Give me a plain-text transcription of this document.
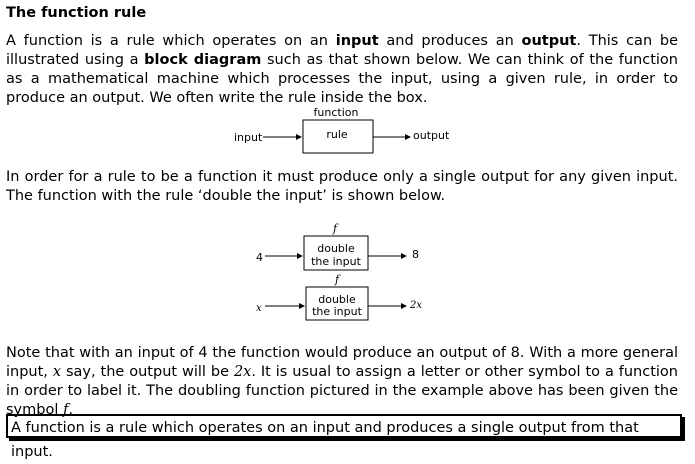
The function rule

A function is a rule which operates on an input and produces an output. This can be illustrated using a block diagram such as that shown below. We can think of the function as a mathematical machine which processes the input, using a given rule, in order to produce an output. We often write the rule inside the box.

function
rule
input	output

In order for a rule to be a function it must produce only a single output for any given input. The function with the rule ‘double the input’ is shown below.

f
double
the input
4	8
f
double
the input
x	2x

Note that with an input of 4 the function would produce an output of 8. With a more general input, x say, the output will be 2x. It is usual to assign a letter or other symbol to a function in order to label it. The doubling function pictured in the example above has been given the symbol f.

A function is a rule which operates on an input and produces a single output from that input.
